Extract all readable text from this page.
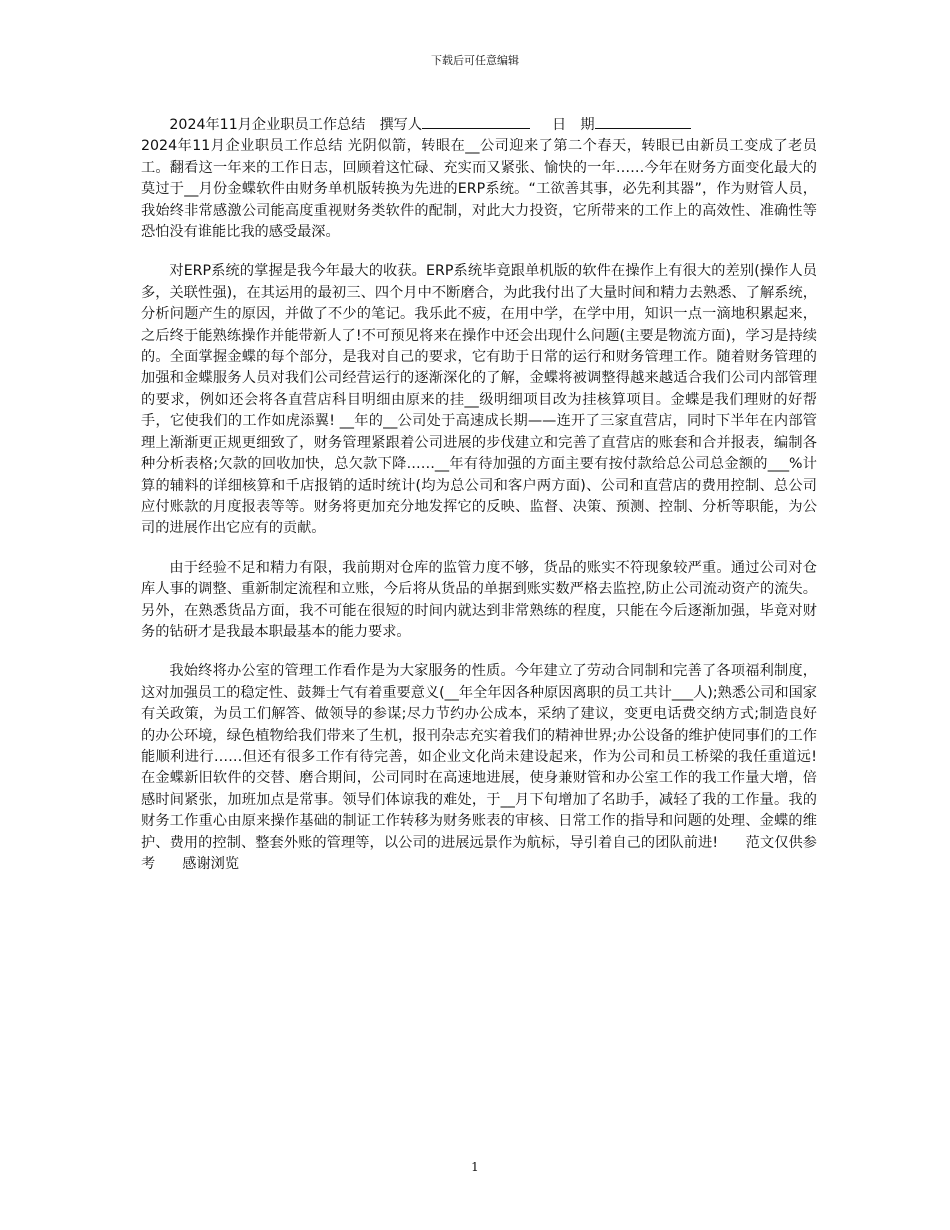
下载后可任意编辑

2024年11月企业职员工作总结 撰写人	日　期

2024年11月企业职员工作总结 光阴似箭，转眼在__公司迎来了第二个春天，转眼已由新员工变成了老员工。翻看这一年来的工作日志，回顾着这忙碌、充实而又紧张、愉快的一年……今年在财务方面变化最大的莫过于__月份金蝶软件由财务单机版转换为先进的ERP系统。“工欲善其事，必先利其器”，作为财管人员，我始终非常感激公司能高度重视财务类软件的配制，对此大力投资，它所带来的工作上的高效性、准确性等恐怕没有谁能比我的感受最深。

对ERP系统的掌握是我今年最大的收获。ERP系统毕竟跟单机版的软件在操作上有很大的差别(操作人员多，关联性强)，在其运用的最初三、四个月中不断磨合，为此我付出了大量时间和精力去熟悉、了解系统，分析问题产生的原因，并做了不少的笔记。我乐此不疲，在用中学，在学中用，知识一点一滴地积累起来，之后终于能熟练操作并能带新人了!不可预见将来在操作中还会出现什么问题(主要是物流方面)，学习是持续的。全面掌握金蝶的每个部分，是我对自己的要求，它有助于日常的运行和财务管理工作。随着财务管理的加强和金蝶服务人员对我们公司经营运行的逐渐深化的了解，金蝶将被调整得越来越适合我们公司内部管理的要求，例如还会将各直营店科目明细由原来的挂__级明细项目改为挂核算项目。金蝶是我们理财的好帮手，它使我们的工作如虎添翼! __年的__公司处于高速成长期——连开了三家直营店，同时下半年在内部管理上渐渐更正规更细致了，财务管理紧跟着公司进展的步伐建立和完善了直营店的账套和合并报表，编制各种分析表格;欠款的回收加快，总欠款下降……__年有待加强的方面主要有按付款给总公司总金额的___%计算的辅料的详细核算和千店报销的适时统计(均为总公司和客户两方面)、公司和直营店的费用控制、总公司应付账款的月度报表等等。财务将更加充分地发挥它的反映、监督、决策、预测、控制、分析等职能，为公司的进展作出它应有的贡献。

由于经验不足和精力有限，我前期对仓库的监管力度不够，货品的账实不符现象较严重。通过公司对仓库人事的调整、重新制定流程和立账，今后将从货品的单据到账实数严格去监控,防止公司流动资产的流失。另外，在熟悉货品方面，我不可能在很短的时间内就达到非常熟练的程度，只能在今后逐渐加强，毕竟对财务的钻研才是我最本职最基本的能力要求。

我始终将办公室的管理工作看作是为大家服务的性质。今年建立了劳动合同制和完善了各项福利制度，这对加强员工的稳定性、鼓舞士气有着重要意义(__年全年因各种原因离职的员工共计___人);熟悉公司和国家有关政策，为员工们解答、做领导的参谋;尽力节约办公成本，采纳了建议，变更电话费交纳方式;制造良好的办公环境，绿色植物给我们带来了生机，报刊杂志充实着我们的精神世界;办公设备的维护使同事们的工作能顺利进行……但还有很多工作有待完善，如企业文化尚未建设起来，作为公司和员工桥梁的我任重道远! 在金蝶新旧软件的交替、磨合期间，公司同时在高速地进展，使身兼财管和办公室工作的我工作量大增，倍感时间紧张，加班加点是常事。领导们体谅我的难处，于__月下旬增加了名助手，减轻了我的工作量。我的财务工作重心由原来操作基础的制证工作转移为财务账表的审核、日常工作的指导和问题的处理、金蝶的维护、费用的控制、整套外账的管理等，以公司的进展远景作为航标，导引着自己的团队前进! 范文仅供参考 感谢浏览

1
